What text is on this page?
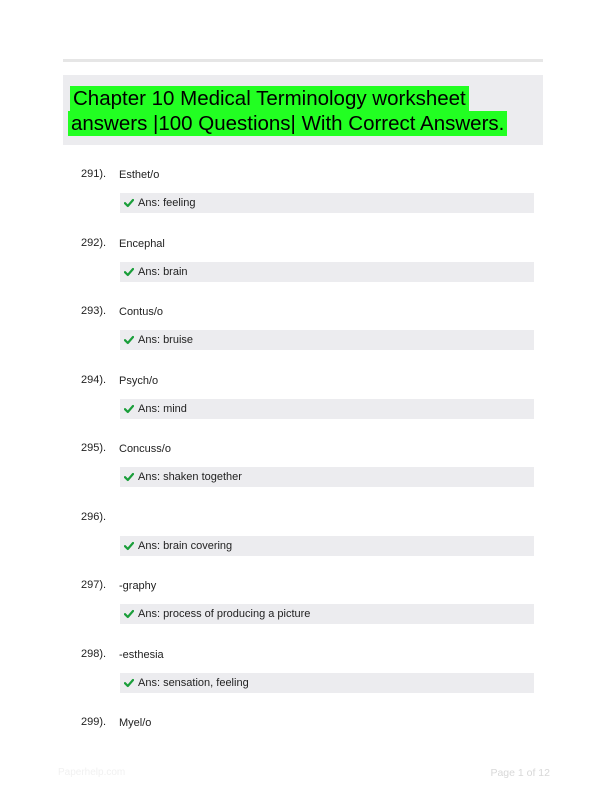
Chapter 10 Medical Terminology worksheet
answers |100 Questions| With Correct Answers.
291). Esthet/o
Ans: feeling
292). Encephal
Ans: brain
293). Contus/o
Ans: bruise
294). Psych/o
Ans: mind
295). Concuss/o
Ans: shaken together
296).
Ans: brain covering
297). -graphy
Ans: process of producing a picture
298). -esthesia
Ans: sensation, feeling
299). Myel/o
Paperhelp.com	Page 1 of 12
